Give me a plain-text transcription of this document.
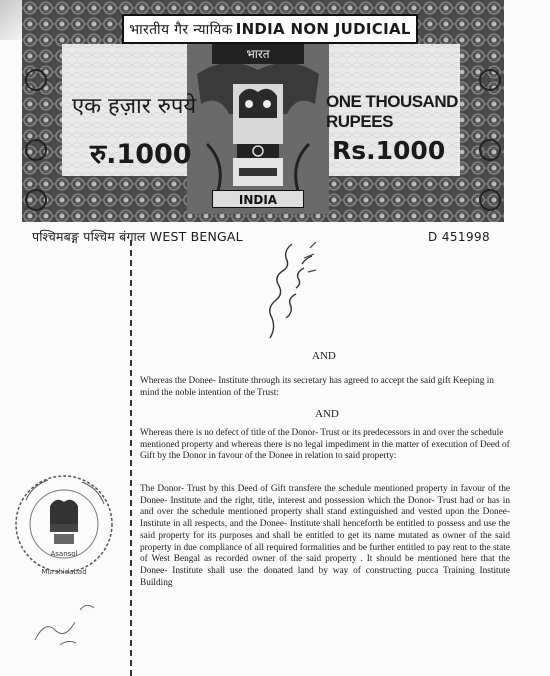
भारत
INDIA
भारतीय गैर न्यायिक INDIA NON JUDICIAL
एक हज़ार रुपये	ONE THOUSAND RUPEES
रु.1000	Rs.1000
पश्चिमबङ्ग पश्चिम बंगाल WEST BENGAL	D 451998
AND
Whereas the Donee- Institute through its secretary has agreed to accept the said gift Keeping in mind the noble intention of the Trust:
AND
Whereas there is no defect of title of the Donor- Trust or its predecessors in and over the schedule mentioned property and whereas there is no legal impediment in the matter of execution of Deed of Gift by the Donor in favour of the Donee in relation to said property:
The Donor- Trust by this Deed of Gift transfere the schedule mentioned property in favour of the Donee- Institute and the right, title, interest and possession which the Donor- Trust had or has in and over the schedule mentioned property shall stand extinguished and vested upon the Donee- Institute in all respects, and the Donee- Institute shall henceforth be entitled to possess and use the said property for its purposes and shall be entitled to get its name mutated as owner of the said property in due compliance of all required formalities and be further entitled to pay rent to the state of West Bengal as recorded owner of the said property . It should be mentioned here that the Donee- Institute shall use the donated land by way of constructing pucca Training Institute Building
Asansol
Murshidabad
